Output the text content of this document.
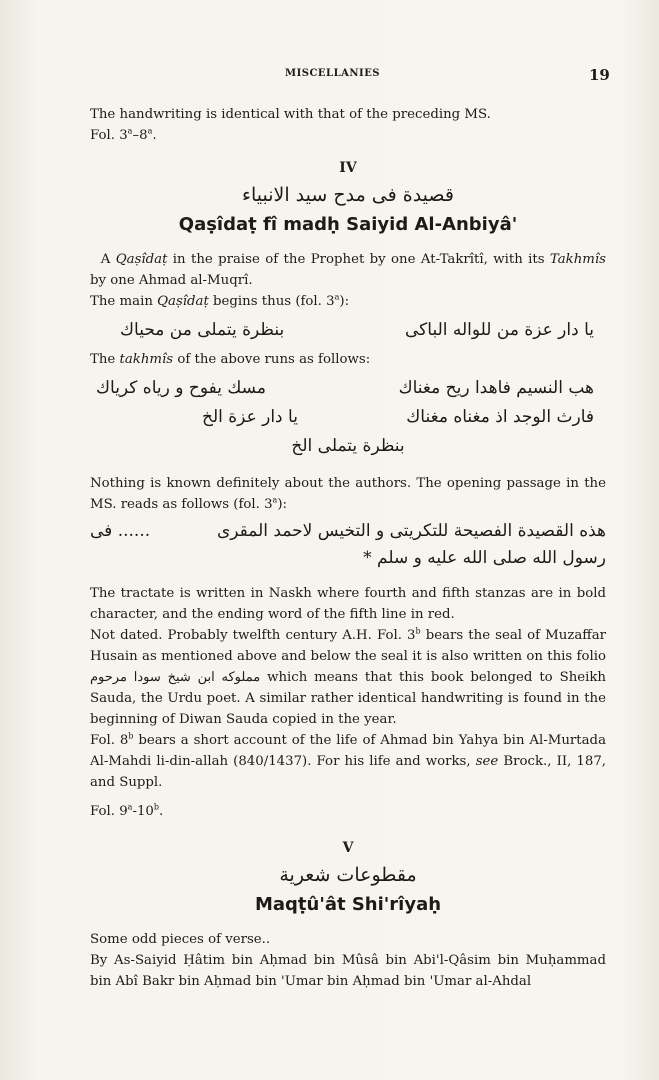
MISCELLANIES	19

The handwriting is identical with that of the preceding MS.

Fol. 3$^a$–8$^a$.

IV
قصيدة فى مدح سيد الانبياء
Qaṣîdaṭ fî madḥ Saiyid Al-Anbiyâ'

A Qaṣîdaṭ in the praise of the Prophet by one At-Takrîtî, with its Takhmîs by one Ahmad al-Muqrî.

The main Qaṣîdaṭ begins thus (fol. 3$^a$):

يا دار عزة من للواله الباكى
بنظرة يتملى من محياك

The takhmîs of the above runs as follows:

هب النسيم فاهدا ريح مغناك
مسك يفوح و رياه كرياك
فارث الوجد اذ مغناه مغناك
يا دار عزة الخ
بنظرة يتملى الخ

Nothing is known definitely about the authors. The opening passage in the MS. reads as follows (fol. 3$^a$):

هذه القصيدة الفصيحة للتكريتى و التخيس لاحمد المقرى
...... فى
رسول الله صلى الله عليه و سلم *

The tractate is written in Naskh where fourth and fifth stanzas are in bold character, and the ending word of the fifth line in red.

Not dated. Probably twelfth century A.H. Fol. 3$^b$ bears the seal of Muzaffar Husain as mentioned above and below the seal it is also written on this folio مملوكه ابن شيخ سودا مرحوم which means that this book belonged to Sheikh Sauda, the Urdu poet. A similar rather identical handwriting is found in the beginning of Diwan Sauda copied in the year.

Fol. 8$^b$ bears a short account of the life of Ahmad bin Yahya bin Al-Murtada Al-Mahdi li-din-allah (840/1437). For his life and works, see Brock., II, 187, and Suppl.

Fol. 9$^a$-10$^b$.

V
مقطوعات شعرية
Maqṭû'ât Shi'rîyaḥ

Some odd pieces of verse..

By As-Saiyid Ḥâtim bin Aḥmad bin Mûsâ bin Abi'l-Qâsim bin Muḥammad bin Abî Bakr bin Aḥmad bin 'Umar bin Aḥmad bin 'Umar al-Ahdal
